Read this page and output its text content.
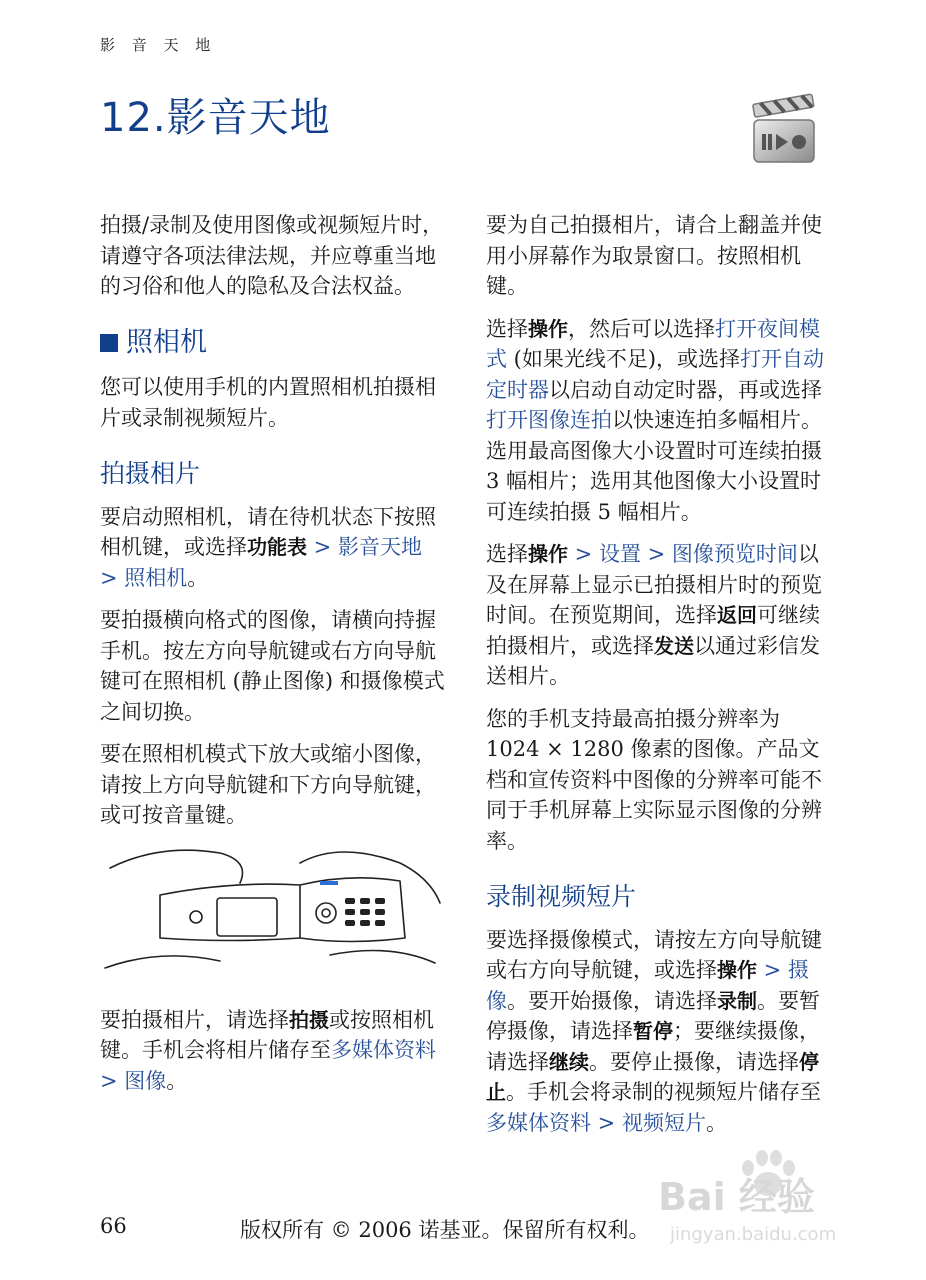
影 音 天 地
12.影音天地

拍摄/录制及使用图像或视频短片时，请遵守各项法律法规，并应尊重当地的习俗和他人的隐私及合法权益。

照相机

您可以使用手机的内置照相机拍摄相片或录制视频短片。

拍摄相片

要启动照相机，请在待机状态下按照相机键，或选择功能表 > 影音天地 > 照相机。

要拍摄横向格式的图像，请横向持握手机。按左方向导航键或右方向导航键可在照相机 (静止图像) 和摄像模式之间切换。

要在照相机模式下放大或缩小图像，请按上方向导航键和下方向导航键，或可按音量键。

要拍摄相片，请选择拍摄或按照相机键。手机会将相片储存至多媒体资料 > 图像。

要为自己拍摄相片，请合上翻盖并使用小屏幕作为取景窗口。按照相机键。

选择操作，然后可以选择打开夜间模式 (如果光线不足)，或选择打开自动定时器以启动自动定时器，再或选择打开图像连拍以快速连拍多幅相片。选用最高图像大小设置时可连续拍摄 3 幅相片；选用其他图像大小设置时可连续拍摄 5 幅相片。

选择操作 > 设置 > 图像预览时间以及在屏幕上显示已拍摄相片时的预览时间。在预览期间，选择返回可继续拍摄相片，或选择发送以通过彩信发送相片。

您的手机支持最高拍摄分辨率为 1024 × 1280 像素的图像。产品文档和宣传资料中图像的分辨率可能不同于手机屏幕上实际显示图像的分辨率。

录制视频短片

要选择摄像模式，请按左方向导航键或右方向导航键，或选择操作 > 摄像。要开始摄像，请选择录制。要暂停摄像，请选择暂停；要继续摄像，请选择继续。要停止摄像，请选择停止。手机会将录制的视频短片储存至多媒体资料 > 视频短片。

Bai 经验
jingyan.baidu.com
66	版权所有 © 2006 诺基亚。保留所有权利。
